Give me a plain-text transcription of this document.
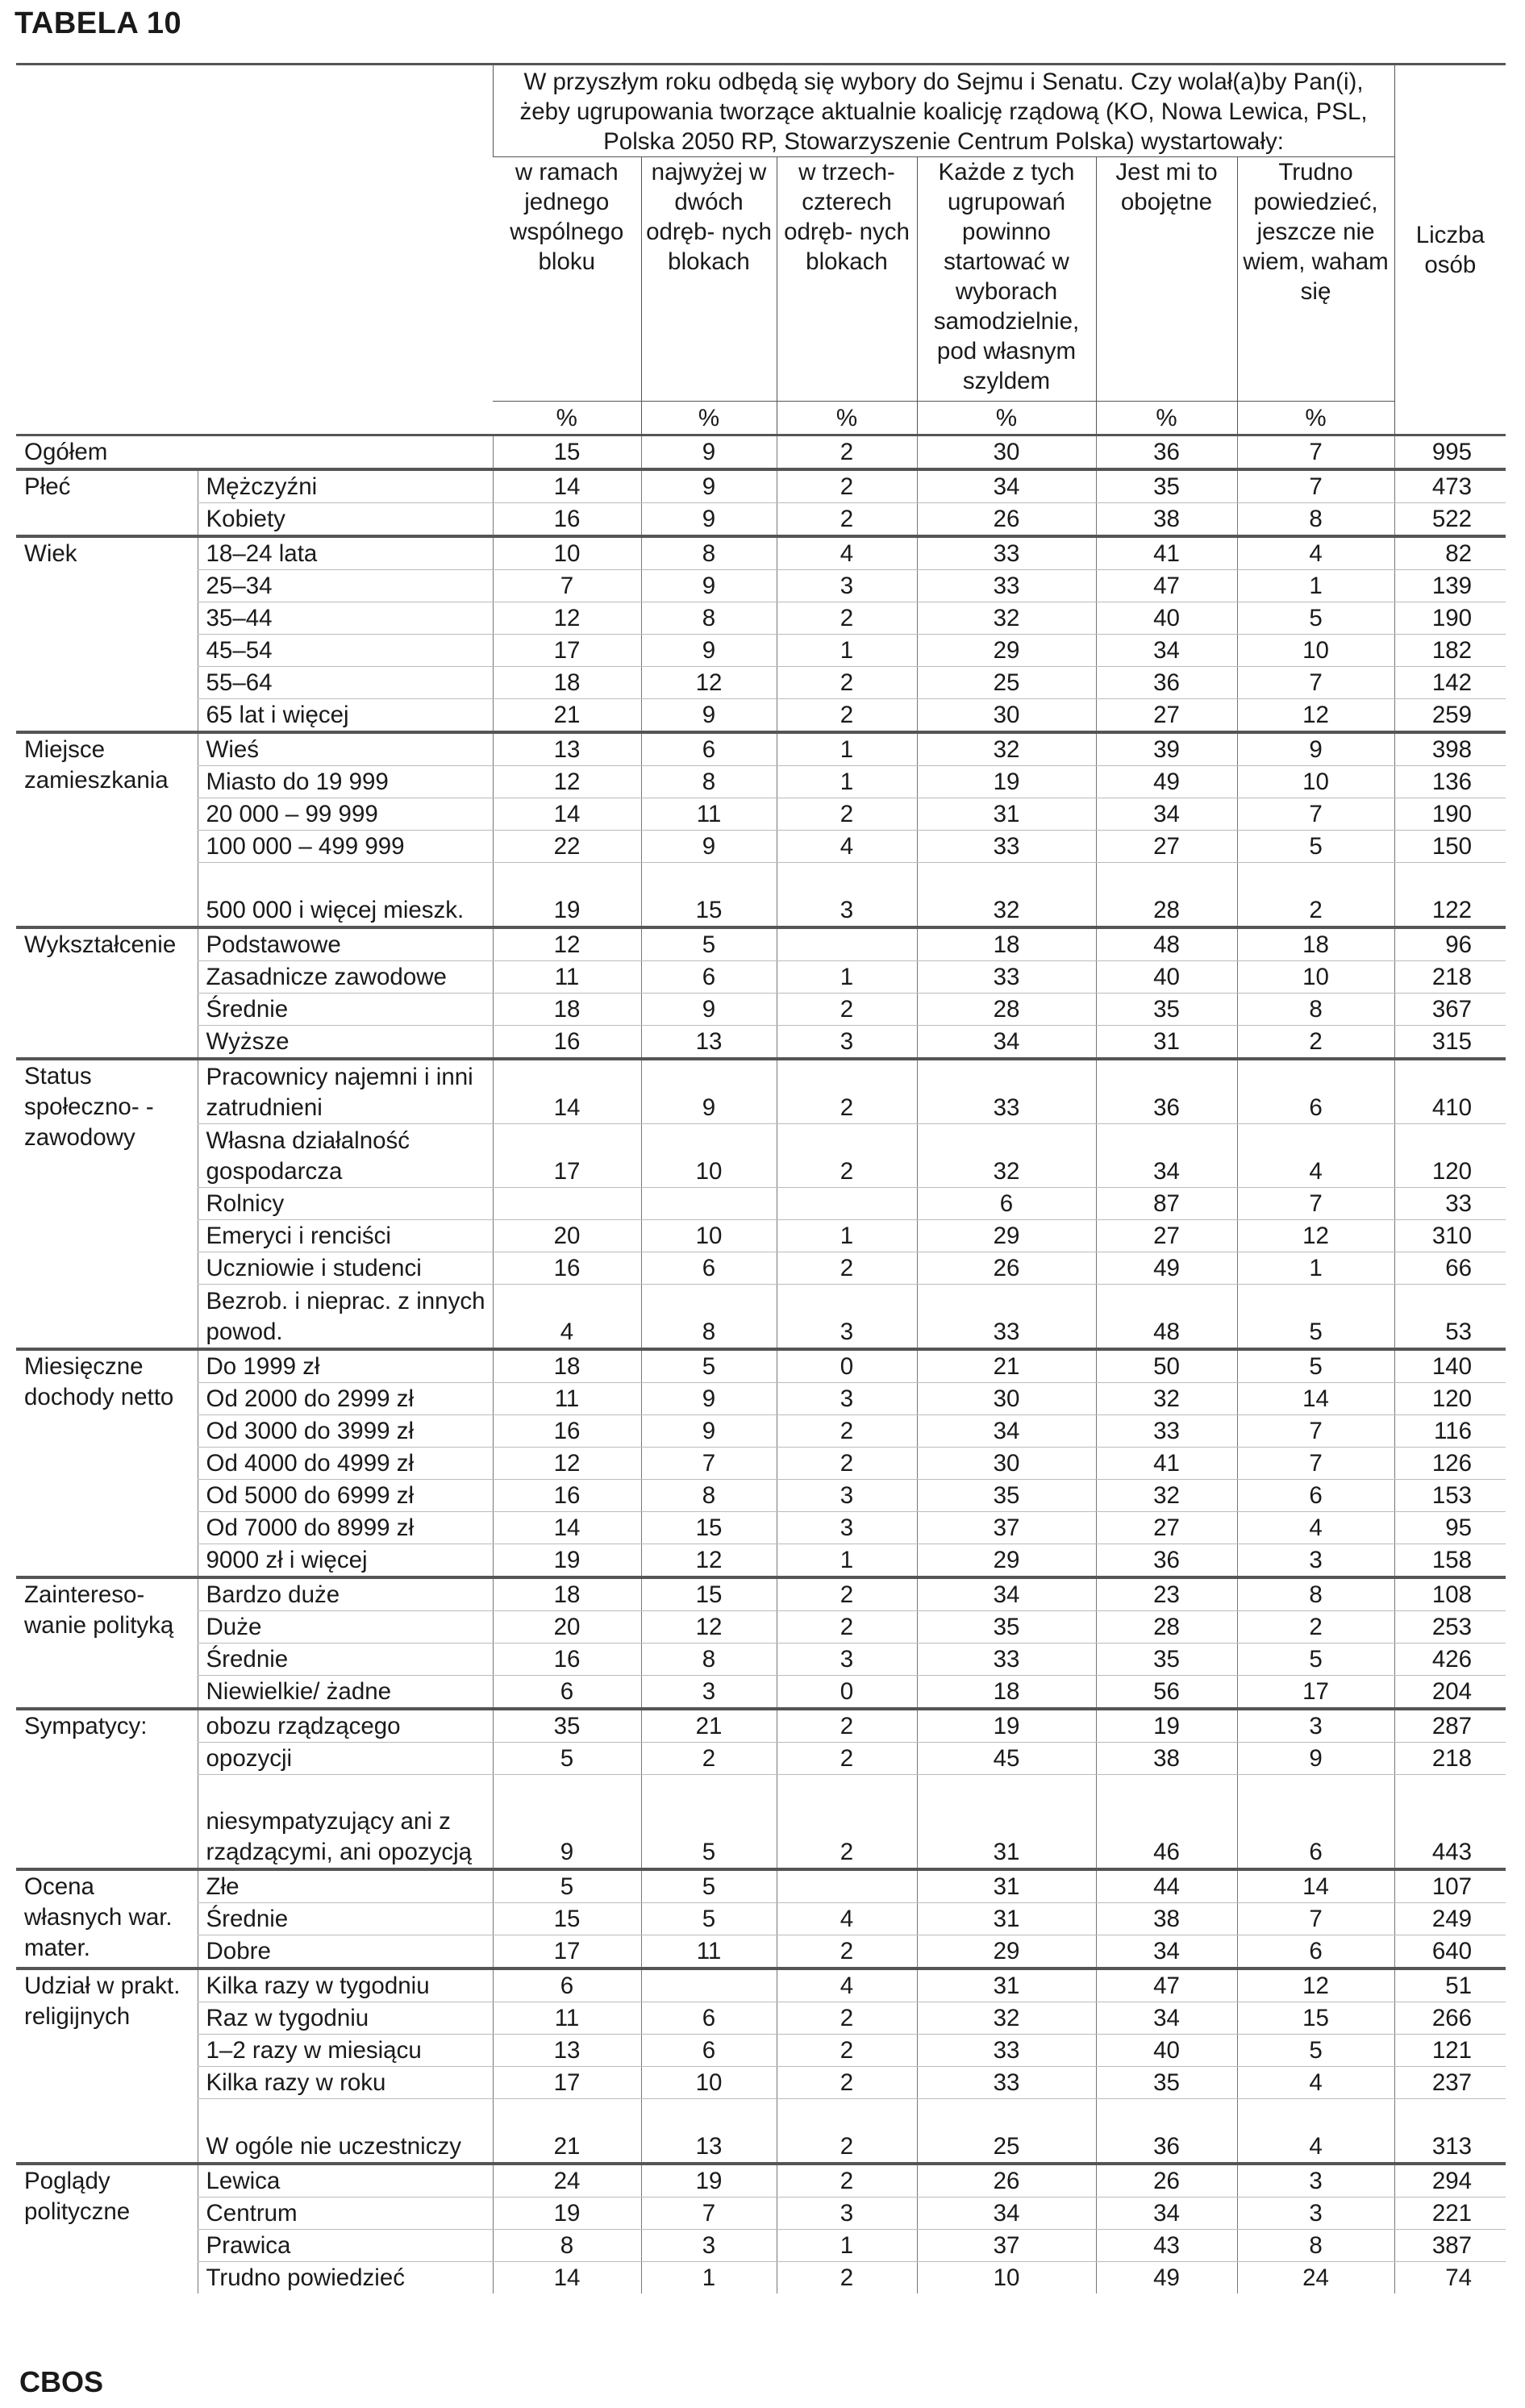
TABELA 10
		W przyszłym roku odbędą się wybory do Sejmu i Senatu. Czy wolał(a)by Pan(i), żeby ugrupowania tworzące aktualnie koalicję rządową (KO, Nowa Lewica, PSL, Polska 2050 RP, Stowarzyszenie Centrum Polska) wystartowały:						Liczba osób
		w ramach jednego wspólnego bloku	najwyżej w dwóch odręb- nych blokach	w trzech- czterech odręb- nych blokach	Każde z tych ugrupowań powinno startować w wyborach samodzielnie, pod własnym szyldem	Jest mi to obojętne	Trudno powiedzieć, jeszcze nie wiem, waham się	
		%	%	%	%	%	%	
Ogółem		15	9	2	30	36	7	995
Płeć	Mężczyźni	14	9	2	34	35	7	473
	Kobiety	16	9	2	26	38	8	522
Wiek	18–24 lata	10	8	4	33	41	4	82
	25–34	7	9	3	33	47	1	139
	35–44	12	8	2	32	40	5	190
	45–54	17	9	1	29	34	10	182
	55–64	18	12	2	25	36	7	142
	65 lat i więcej	21	9	2	30	27	12	259
Miejsce zamieszkania	Wieś	13	6	1	32	39	9	398
	Miasto do 19 999	12	8	1	19	49	10	136
	20 000 – 99 999	14	11	2	31	34	7	190
	100 000 – 499 999	22	9	4	33	27	5	150
	500 000 i więcej mieszk.	19	15	3	32	28	2	122
Wykształcenie	Podstawowe	12	5		18	48	18	96
	Zasadnicze zawodowe	11	6	1	33	40	10	218
	Średnie	18	9	2	28	35	8	367
	Wyższe	16	13	3	34	31	2	315
Status społeczno- -zawodowy	Pracownicy najemni i inni zatrudnieni	14	9	2	33	36	6	410
	Własna działalność gospodarcza	17	10	2	32	34	4	120
	Rolnicy				6	87	7	33
	Emeryci i renciści	20	10	1	29	27	12	310
	Uczniowie i studenci	16	6	2	26	49	1	66
	Bezrob. i nieprac. z innych powod.	4	8	3	33	48	5	53
Miesięczne dochody netto	Do 1999 zł	18	5	0	21	50	5	140
	Od 2000 do 2999 zł	11	9	3	30	32	14	120
	Od 3000 do 3999 zł	16	9	2	34	33	7	116
	Od 4000 do 4999 zł	12	7	2	30	41	7	126
	Od 5000 do 6999 zł	16	8	3	35	32	6	153
	Od 7000 do 8999 zł	14	15	3	37	27	4	95
	9000 zł i więcej	19	12	1	29	36	3	158
Zaintereso- wanie polityką	Bardzo duże	18	15	2	34	23	8	108
	Duże	20	12	2	35	28	2	253
	Średnie	16	8	3	33	35	5	426
	Niewielkie/ żadne	6	3	0	18	56	17	204
Sympatycy:	obozu rządzącego	35	21	2	19	19	3	287
	opozycji	5	2	2	45	38	9	218
	niesympatyzujący ani z rządzącymi, ani opozycją	9	5	2	31	46	6	443
Ocena własnych war. mater.	Złe	5	5		31	44	14	107
	Średnie	15	5	4	31	38	7	249
	Dobre	17	11	2	29	34	6	640
Udział w prakt. religijnych	Kilka razy w tygodniu	6		4	31	47	12	51
	Raz w tygodniu	11	6	2	32	34	15	266
	1–2 razy w miesiącu	13	6	2	33	40	5	121
	Kilka razy w roku	17	10	2	33	35	4	237
	W ogóle nie uczestniczy	21	13	2	25	36	4	313
Poglądy polityczne	Lewica	24	19	2	26	26	3	294
	Centrum	19	7	3	34	34	3	221
	Prawica	8	3	1	37	43	8	387
	Trudno powiedzieć	14	1	2	10	49	24	74
CBOS
